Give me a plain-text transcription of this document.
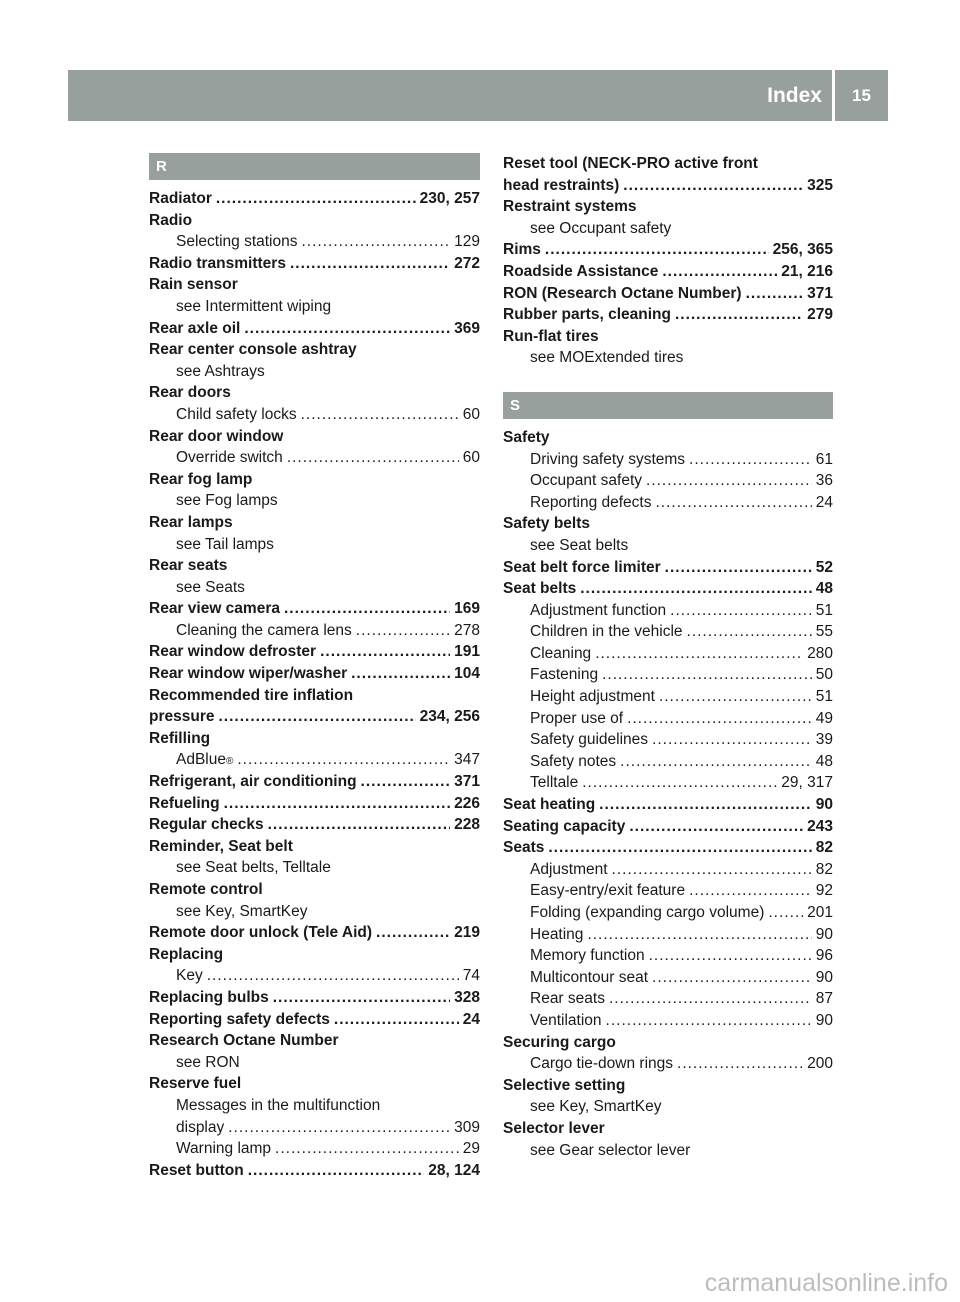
Index	15
R
Radiator .....	230, 257
Radio
Selecting stations .....	129
Radio transmitters .....	272
Rain sensor
see Intermittent wiping
Rear axle oil .....	369
Rear center console ashtray
see Ashtrays
Rear doors
Child safety locks .....	60
Rear door window
Override switch .....	60
Rear fog lamp
see Fog lamps
Rear lamps
see Tail lamps
Rear seats
see Seats
Rear view camera .....	169
Cleaning the camera lens .....	278
Rear window defroster .....	191
Rear window wiper/washer .....	104
Recommended tire inflation
pressure .....	234, 256
Refilling
AdBlue ® .....	347
Refrigerant, air conditioning .....	371
Refueling .....	226
Regular checks .....	228
Reminder, Seat belt
see Seat belts, Telltale
Remote control
see Key, SmartKey
Remote door unlock (Tele Aid) .....	219
Replacing
Key .....	74
Replacing bulbs .....	328
Reporting safety defects .....	24
Research Octane Number
see RON
Reserve fuel
Messages in the multifunction
display .....	309
Warning lamp .....	29
Reset button .....	28, 124
Reset tool (NECK-PRO active front
head restraints) .....	325
Restraint systems
see Occupant safety
Rims .....	256, 365
Roadside Assistance .....	21, 216
RON (Research Octane Number) .....	371
Rubber parts, cleaning .....	279
Run-flat tires
see MOExtended tires
S
Safety
Driving safety systems .....	61
Occupant safety .....	36
Reporting defects .....	24
Safety belts
see Seat belts
Seat belt force limiter .....	52
Seat belts .....	48
Adjustment function .....	51
Children in the vehicle .....	55
Cleaning .....	280
Fastening .....	50
Height adjustment .....	51
Proper use of .....	49
Safety guidelines .....	39
Safety notes .....	48
Telltale .....	29, 317
Seat heating .....	90
Seating capacity .....	243
Seats .....	82
Adjustment .....	82
Easy-entry/exit feature .....	92
Folding (expanding cargo volume) .....	201
Heating .....	90
Memory function .....	96
Multicontour seat .....	90
Rear seats .....	87
Ventilation .....	90
Securing cargo
Cargo tie-down rings .....	200
Selective setting
see Key, SmartKey
Selector lever
see Gear selector lever
carmanualsonline.info
